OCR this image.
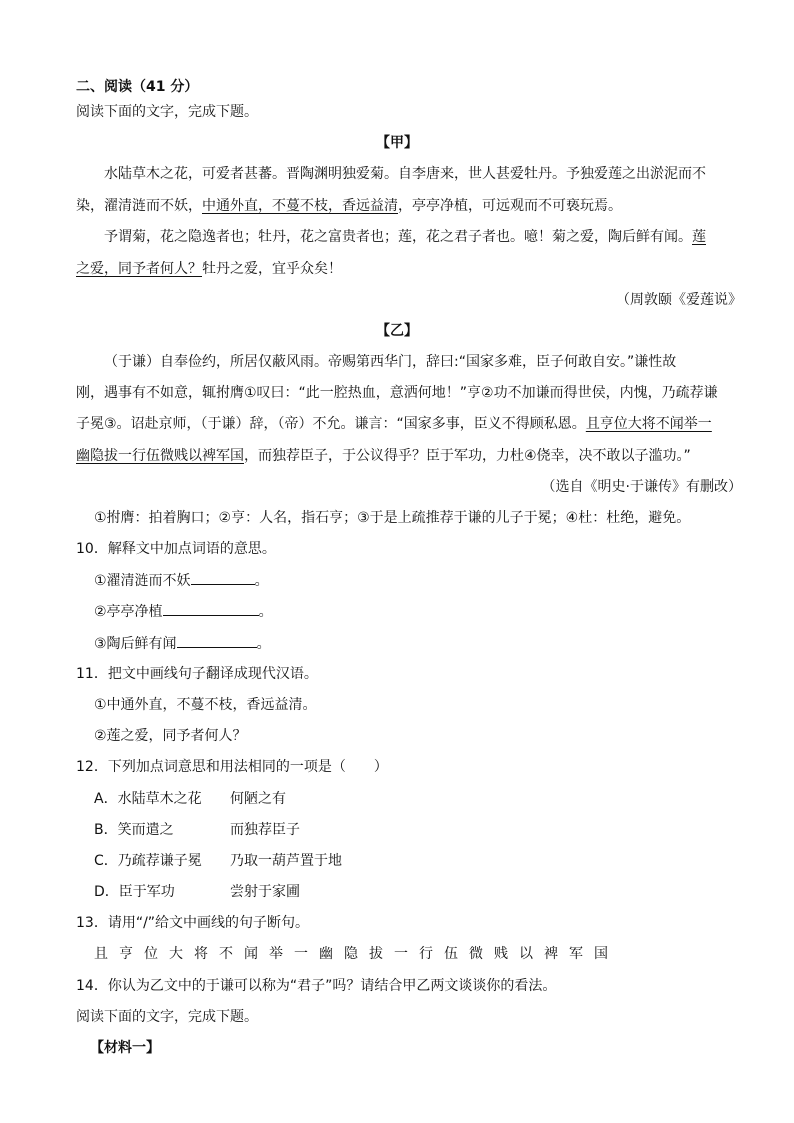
二、阅读（41 分）
阅读下面的文字，完成下题。
【甲】
水陆草木之花，可爱者甚蕃。晋陶渊明独爱菊。自李唐来，世人甚爱牡丹。予独爱莲之出淤泥而不
染，濯清涟而不妖，中通外直，不蔓不枝，香远益清，亭亭净植，可远观而不可亵玩焉。
予谓菊，花之隐逸者也；牡丹，花之富贵者也；莲，花之君子者也。噫！菊之爱，陶后鲜有闻。莲
之爱，同予者何人？牡丹之爱，宜乎众矣！
（周敦颐《爱莲说》
【乙】
（于谦）自奉俭约，所居仅蔽风雨。帝赐第西华门，辞曰:“国家多难，臣子何敢自安。”谦性故
刚，遇事有不如意，辄拊膺①叹曰：“此一腔热血，意洒何地！”亨②功不加谦而得世侯，内愧，乃疏荐谦
子冕③。诏赴京师，（于谦）辞，（帝）不允。谦言：“国家多事，臣义不得顾私恩。且亨位大将不闻举一
幽隐拔一行伍微贱以裨军国，而独荐臣子，于公议得乎？臣于军功，力杜④侥幸，决不敢以子滥功。”
（选自《明史·于谦传》有删改）
①拊膺：拍着胸口；②亨：人名，指石亨；③于是上疏推荐于谦的儿子于冕；④杜：杜绝，避免。
10．解释文中加点词语的意思。
①濯清涟而不妖	。
②亭亭净植	。
③陶后鲜有闻	。
11．把文中画线句子翻译成现代汉语。
①中通外直，不蔓不枝，香远益清。
②莲之爱，同予者何人？
12．下列加点词意思和用法相同的一项是（　　）
A．水陆草木之花 何陋之有
B．笑而遣之	而独荐臣子
C．乃疏荐谦子冕 乃取一葫芦置于地
D．臣于军功	尝射于家圃
13．请用“/”给文中画线的句子断句。
且亨位大将不闻举一幽隐拔一行伍微贱以裨军国
14．你认为乙文中的于谦可以称为“君子”吗？请结合甲乙两文谈谈你的看法。
阅读下面的文字，完成下题。
【材料一】
